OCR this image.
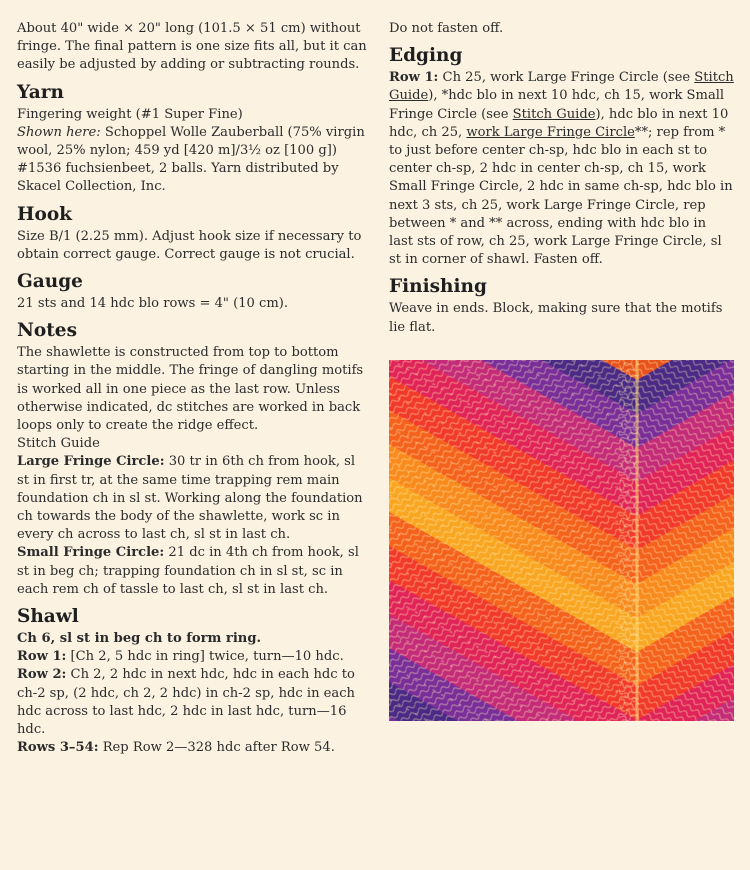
About 40" wide × 20" long (101.5 × 51 cm) without fringe. The final pattern is one size fits all, but it can easily be adjusted by adding or subtracting rounds.

Yarn

Fingering weight (#1 Super Fine)

Shown here: Schoppel Wolle Zauberball (75% virgin wool, 25% nylon; 459 yd [420 m]/3½ oz [100 g]) #1536 fuchsienbeet, 2 balls. Yarn distributed by Skacel Collection, Inc.

Hook

Size B/1 (2.25 mm). Adjust hook size if necessary to obtain correct gauge. Correct gauge is not crucial.

Gauge

21 sts and 14 hdc blo rows = 4" (10 cm).

Notes

The shawlette is constructed from top to bottom starting in the middle. The fringe of dangling motifs is worked all in one piece as the last row. Unless otherwise indicated, dc stitches are worked in back loops only to create the ridge effect.

Stitch Guide

Large Fringe Circle: 30 tr in 6th ch from hook, sl st in first tr, at the same time trapping rem main foundation ch in sl st. Working along the foundation ch towards the body of the shawlette, work sc in every ch across to last ch, sl st in last ch.

Small Fringe Circle: 21 dc in 4th ch from hook, sl st in beg ch; trapping foundation ch in sl st, sc in each rem ch of tassle to last ch, sl st in last ch.

Shawl

Ch 6, sl st in beg ch to form ring.

Row 1: [Ch 2, 5 hdc in ring] twice, turn—10 hdc.

Row 2: Ch 2, 2 hdc in next hdc, hdc in each hdc to ch-2 sp, (2 hdc, ch 2, 2 hdc) in ch-2 sp, hdc in each hdc across to last hdc, 2 hdc in last hdc, turn—16 hdc.

Rows 3–54: Rep Row 2—328 hdc after Row 54.

Do not fasten off.

Edging

Row 1: Ch 25, work Large Fringe Circle (see Stitch Guide), *hdc blo in next 10 hdc, ch 15, work Small Fringe Circle (see Stitch Guide), hdc blo in next 10 hdc, ch 25, work Large Fringe Circle**; rep from * to just before center ch-sp, hdc blo in each st to center ch-sp, 2 hdc in center ch-sp, ch 15, work Small Fringe Circle, 2 hdc in same ch-sp, hdc blo in next 3 sts, ch 25, work Large Fringe Circle, rep between * and ** across, ending with hdc blo in last sts of row, ch 25, work Large Fringe Circle, sl st in corner of shawl. Fasten off.

Finishing

Weave in ends. Block, making sure that the motifs lie flat.
